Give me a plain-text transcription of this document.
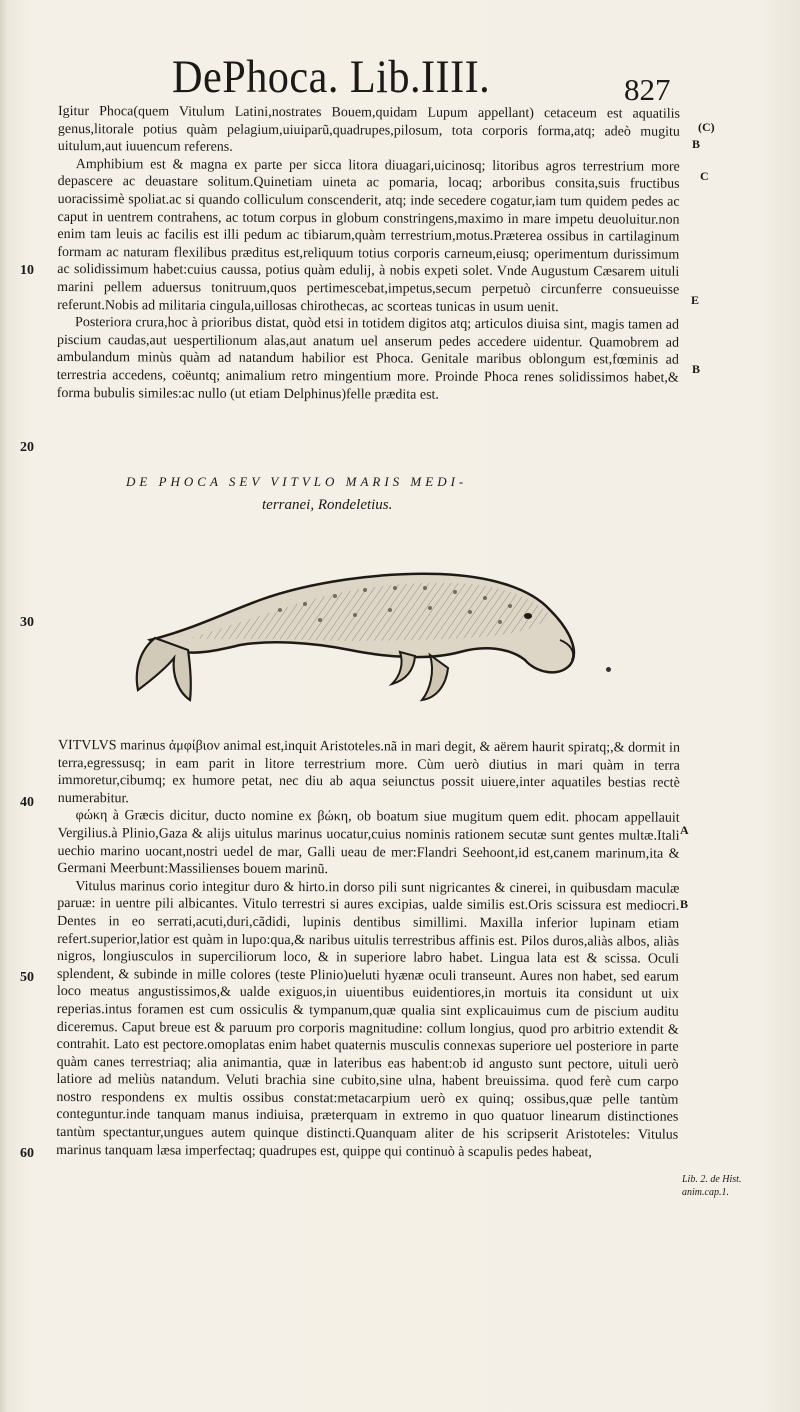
DePhoca. Lib.IIII.	827

Igitur Phoca(quem Vitulum Latini,nostrates Bouem,quidam Lupum appellant) cetaceum est aquatilis genus,litorale potius quàm pelagium,uiuiparũ,quadrupes,pilosum, tota corporis forma,atq; adeò mugitu uitulum,aut iuuencum referens.

Amphibium est & magna ex parte per sicca litora diuagari,uicinosq; litoribus agros terrestrium more depascere ac deuastare solitum.Quinetiam uineta ac pomaria, locaq; arboribus consita,suis fructibus uoracissimè spoliat.ac si quando colliculum conscenderit, atq; inde secedere cogatur,iam tum quidem pedes ac caput in uentrem contrahens, ac totum corpus in globum constringens,maximo in mare impetu deuoluitur.non enim tam leuis ac facilis est illi pedum ac tibiarum,quàm terrestrium,motus.Præterea ossibus in cartilaginum formam ac naturam flexilibus præditus est,reliquum totius corporis carneum,eiusq; operimentum durissimum ac solidissimum habet:cuius caussa, potius quàm edulij, à nobis expeti solet. Vnde Augustum Cæsarem uituli marini pellem aduersus tonitruum,quos pertimescebat,impetus,secum perpetuò circunferre consueuisse referunt.Nobis ad militaria cingula,uillosas chirothecas, ac scorteas tunicas in usum uenit.

Posteriora crura,hoc à prioribus distat, quòd etsi in totidem digitos atq; articulos diuisa sint, magis tamen ad piscium caudas,aut uespertilionum alas,aut anatum uel anserum pedes accedere uidentur. Quamobrem ad ambulandum minùs quàm ad natandum habilior est Phoca. Genitale maribus oblongum est,fœminis ad terrestria accedens, coëuntq; animalium retro mingentium more. Proinde Phoca renes solidissimos habet,& forma bubulis similes:ac nullo (ut etiam Delphinus)felle prædita est.

DE PHOCA SEV VITVLO MARIS MEDI-
terranei, Rondeletius.

VITVLVS marinus ἀμφίβιον animal est,inquit Aristoteles.nã in mari degit, & aërem haurit spiratq;,& dormit in terra,egressusq; in eam parit in litore terrestrium more. Cùm uerò diutius in mari quàm in terra immoretur,cibumq; ex humore petat, nec diu ab aqua seiunctus possit uiuere,inter aquatiles bestias rectè numerabitur.

φώκη à Græcis dicitur, ducto nomine ex βώκη, ob boatum siue mugitum quem edit. phocam appellauit Vergilius.à Plinio,Gaza & alijs uitulus marinus uocatur,cuius nominis rationem secutæ sunt gentes multæ.Itali uechio marino uocant,nostri uedel de mar, Galli ueau de mer:Flandri Seehoont,id est,canem marinum,ita & Germani Meerbunt:Massilienses bouem marinũ.

Vitulus marinus corio integitur duro & hirto.in dorso pili sunt nigricantes & cinerei, in quibusdam maculæ paruæ: in uentre pili albicantes. Vitulo terrestri si aures excipias, ualde similis est.Oris scissura est mediocri. Dentes in eo serrati,acuti,duri,cãdidi, lupinis dentibus simillimi. Maxilla inferior lupinam etiam refert.superior,latior est quàm in lupo:qua,& naribus uitulis terrestribus affinis est. Pilos duros,aliàs albos, aliàs nigros, longiusculos in superciliorum loco, & in superiore labro habet. Lingua lata est & scissa. Oculi splendent, & subinde in mille colores (teste Plinio)ueluti hyænæ oculi transeunt. Aures non habet, sed earum loco meatus angustissimos,& ualde exiguos,in uiuentibus euidentiores,in mortuis ita considunt ut uix reperias.intus foramen est cum ossiculis & tympanum,quæ qualia sint explicauimus cum de piscium auditu diceremus. Caput breue est & paruum pro corporis magnitudine: collum longius, quod pro arbitrio extendit & contrahit. Lato est pectore.omoplatas enim habet quaternis musculis connexas superiore uel posteriore in parte quàm canes terrestriaq; alia animantia, quæ in lateribus eas habent:ob id angusto sunt pectore, uituli uerò latiore ad meliùs natandum. Veluti brachia sine cubito,sine ulna, habent breuissima. quod ferè cum carpo nostro respondens ex multis ossibus constat:metacarpium uerò ex quinq; ossibus,quæ pelle tantùm conteguntur.inde tanquam manus indiuisa, præterquam in extremo in quo quatuor linearum distinctiones tantùm spectantur,ungues autem quinque distincti.Quanquam aliter de his scripserit Aristoteles: Vitulus marinus tanquam læsa imperfectaq; quadrupes est, quippe qui continuò à scapulis pedes habeat,

10
20
30
40
50
60
(C)
B
C
E
B
A
B
Lib. 2. de Hist.
anim.cap.1.
